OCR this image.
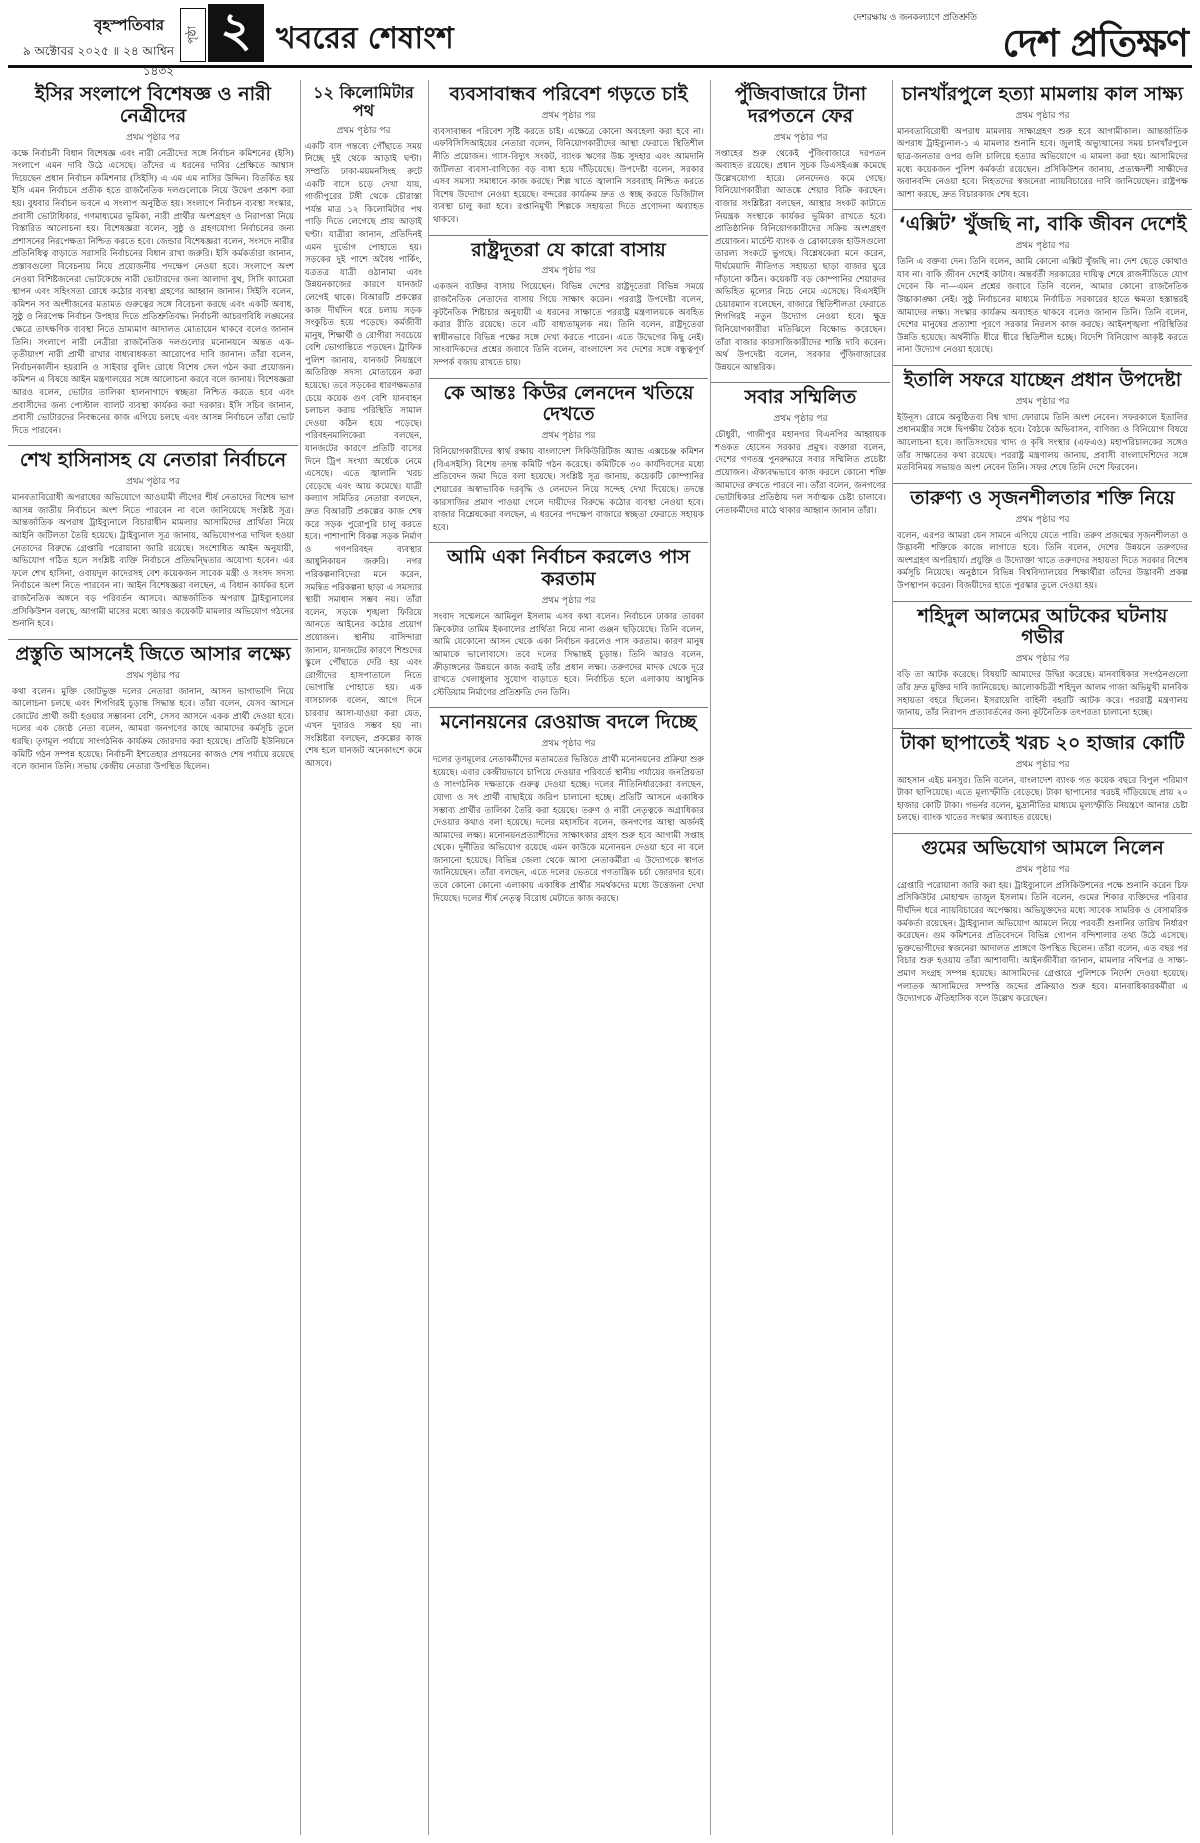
বৃহস্পতিবার
৯ অক্টোবর ২০২৫ ॥ ২৪ আশ্বিন ১৪৩২
পৃষ্ঠা ২ খবরের শেষাংশ
দেশরক্ষায় ও জনকল্যাণে প্রতিশ্রুতি
দেশ প্রতিক্ষণ
ইসির সংলাপে বিশেষজ্ঞ ও নারী নেত্রীদের
প্রথম পৃষ্ঠার পর
কক্ষে নির্বাচনী বিধান বিশেষজ্ঞ এবং নারী নেত্রীদের সঙ্গে নির্বাচন কমিশনের (ইসি) সংলাপে এমন দাবি উঠে এসেছে। তাঁদের এ ধরনের দাবির প্রেক্ষিতে আশ্বাস দিয়েছেন প্রধান নির্বাচন কমিশনার (সিইসি) এ এম এম নাসির উদ্দিন। বিতর্কিত হয় ইসি এমন নির্বাচনে প্রতীক হতে রাজনৈতিক দলগুলোকে নিয়ে উদ্বেগ প্রকাশ করা হয়। বুধবার নির্বাচন ভবনে এ সংলাপ অনুষ্ঠিত হয়। সংলাপে নির্বাচন ব্যবস্থা সংস্কার, প্রবাসী ভোটাধিকার, গণমাধ্যমের ভূমিকা, নারী প্রার্থীর অংশগ্রহণ ও নিরাপত্তা নিয়ে বিস্তারিত আলোচনা হয়। বিশেষজ্ঞরা বলেন, সুষ্ঠু ও গ্রহণযোগ্য নির্বাচনের জন্য প্রশাসনের নিরপেক্ষতা নিশ্চিত করতে হবে। জেন্ডার বিশেষজ্ঞরা বলেন, সংসদে নারীর প্রতিনিধিত্ব বাড়াতে সরাসরি নির্বাচনের বিধান রাখা জরুরি। ইসি কর্মকর্তারা জানান, প্রস্তাবগুলো বিবেচনায় নিয়ে প্রয়োজনীয় পদক্ষেপ নেওয়া হবে। সংলাপে অংশ নেওয়া বিশিষ্টজনেরা ভোটকেন্দ্রে নারী ভোটারদের জন্য আলাদা বুথ, সিসি ক্যামেরা স্থাপন এবং সহিংসতা রোধে কঠোর ব্যবস্থা গ্রহণের আহ্বান জানান। সিইসি বলেন, কমিশন সব অংশীজনের মতামত গুরুত্বের সঙ্গে বিবেচনা করছে এবং একটি অবাধ, সুষ্ঠু ও নিরপেক্ষ নির্বাচন উপহার দিতে প্রতিশ্রুতিবদ্ধ। নির্বাচনী আচরণবিধি লঙ্ঘনের ক্ষেত্রে তাৎক্ষণিক ব্যবস্থা নিতে ভ্রাম্যমাণ আদালত মোতায়েন থাকবে বলেও জানান তিনি। সংলাপে নারী নেত্রীরা রাজনৈতিক দলগুলোর মনোনয়নে অন্তত এক-তৃতীয়াংশ নারী প্রার্থী রাখার বাধ্যবাধকতা আরোপের দাবি জানান। তাঁরা বলেন, নির্বাচনকালীন হয়রানি ও সাইবার বুলিং রোধে বিশেষ সেল গঠন করা প্রয়োজন। কমিশন এ বিষয়ে আইন মন্ত্রণালয়ের সঙ্গে আলোচনা করবে বলে জানায়। বিশেষজ্ঞরা আরও বলেন, ভোটার তালিকা হালনাগাদে স্বচ্ছতা নিশ্চিত করতে হবে এবং প্রবাসীদের জন্য পোস্টাল ব্যালট ব্যবস্থা কার্যকর করা দরকার। ইসি সচিব জানান, প্রবাসী ভোটারদের নিবন্ধনের কাজ এগিয়ে চলছে এবং আসন্ন নির্বাচনে তাঁরা ভোট দিতে পারবেন।
শেখ হাসিনাসহ যে নেতারা নির্বাচনে
প্রথম পৃষ্ঠার পর
মানবতাবিরোধী অপরাধের অভিযোগে আওয়ামী লীগের শীর্ষ নেতাদের বিশেষ ভাগ আসন্ন জাতীয় নির্বাচনে অংশ নিতে পারবেন না বলে জানিয়েছে সংশ্লিষ্ট সূত্র। আন্তর্জাতিক অপরাধ ট্রাইব্যুনালে বিচারাধীন মামলার আসামিদের প্রার্থিতা নিয়ে আইনি জটিলতা তৈরি হয়েছে। ট্রাইব্যুনাল সূত্র জানায়, অভিযোগপত্র দাখিল হওয়া নেতাদের বিরুদ্ধে গ্রেপ্তারি পরোয়ানা জারি রয়েছে। সংশোধিত আইন অনুযায়ী, অভিযোগ গঠিত হলে সংশ্লিষ্ট ব্যক্তি নির্বাচনে প্রতিদ্বন্দ্বিতার অযোগ্য হবেন। এর ফলে শেখ হাসিনা, ওবায়দুল কাদেরসহ বেশ কয়েকজন সাবেক মন্ত্রী ও সংসদ সদস্য নির্বাচনে অংশ নিতে পারবেন না। আইন বিশেষজ্ঞরা বলছেন, এ বিধান কার্যকর হলে রাজনৈতিক অঙ্গনে বড় পরিবর্তন আসবে। আন্তর্জাতিক অপরাধ ট্রাইব্যুনালের প্রসিকিউশন বলছে, আগামী মাসের মধ্যে আরও কয়েকটি মামলার অভিযোগ গঠনের শুনানি হবে।
প্রস্তুতি আসনেই জিতে আসার লক্ষ্যে
প্রথম পৃষ্ঠার পর
কথা বলেন। মুক্তি জোটভুক্ত দলের নেতারা জানান, আসন ভাগাভাগি নিয়ে আলোচনা চলছে এবং শিগগিরই চূড়ান্ত সিদ্ধান্ত হবে। তাঁরা বলেন, যেসব আসনে জোটের প্রার্থী জয়ী হওয়ার সম্ভাবনা বেশি, সেসব আসনে একক প্রার্থী দেওয়া হবে। দলের এক জ্যেষ্ঠ নেতা বলেন, আমরা জনগণের কাছে আমাদের কর্মসূচি তুলে ধরছি। তৃণমূল পর্যায়ে সাংগঠনিক কার্যক্রম জোরদার করা হয়েছে। প্রতিটি ইউনিয়নে কমিটি গঠন সম্পন্ন হয়েছে। নির্বাচনী ইশতেহার প্রণয়নের কাজও শেষ পর্যায়ে রয়েছে বলে জানান তিনি। সভায় কেন্দ্রীয় নেতারা উপস্থিত ছিলেন।
১২ কিলোমিটার পথ
প্রথম পৃষ্ঠার পর
একটি বাস গন্তব্যে পৌঁছাতে সময় নিচ্ছে দুই থেকে আড়াই ঘণ্টা। সম্প্রতি ঢাকা-ময়মনসিংহ রুটে একটি বাসে চড়ে দেখা যায়, গাজীপুরের টঙ্গী থেকে চৌরাস্তা পর্যন্ত মাত্র ১২ কিলোমিটার পথ পাড়ি দিতে লেগেছে প্রায় আড়াই ঘণ্টা। যাত্রীরা জানান, প্রতিদিনই এমন দুর্ভোগ পোহাতে হয়। সড়কের দুই পাশে অবৈধ পার্কিং, যত্রতত্র যাত্রী ওঠানামা এবং উন্নয়নকাজের কারণে যানজট লেগেই থাকে। বিআরটি প্রকল্পের কাজ দীর্ঘদিন ধরে চলায় সড়ক সংকুচিত হয়ে পড়েছে। কর্মজীবী মানুষ, শিক্ষার্থী ও রোগীরা সবচেয়ে বেশি ভোগান্তিতে পড়ছেন। ট্রাফিক পুলিশ জানায়, যানজট নিয়ন্ত্রণে অতিরিক্ত সদস্য মোতায়েন করা হয়েছে। তবে সড়কের ধারণক্ষমতার চেয়ে কয়েক গুণ বেশি যানবাহন চলাচল করায় পরিস্থিতি সামাল দেওয়া কঠিন হয়ে পড়েছে। পরিবহনমালিকেরা বলছেন, যানজটের কারণে প্রতিটি বাসের দিনে ট্রিপ সংখ্যা অর্ধেকে নেমে এসেছে। এতে জ্বালানি খরচ বেড়েছে এবং আয় কমেছে। যাত্রী কল্যাণ সমিতির নেতারা বলছেন, দ্রুত বিআরটি প্রকল্পের কাজ শেষ করে সড়ক পুরোপুরি চালু করতে হবে। পাশাপাশি বিকল্প সড়ক নির্মাণ ও গণপরিবহন ব্যবস্থার আধুনিকায়ন জরুরি। নগর পরিকল্পনাবিদেরা মনে করেন, সমন্বিত পরিকল্পনা ছাড়া এ সমস্যার স্থায়ী সমাধান সম্ভব নয়। তাঁরা বলেন, সড়কে শৃঙ্খলা ফিরিয়ে আনতে আইনের কঠোর প্রয়োগ প্রয়োজন। স্থানীয় বাসিন্দারা জানান, যানজটের কারণে শিশুদের স্কুলে পৌঁছাতে দেরি হয় এবং রোগীদের হাসপাতালে নিতে ভোগান্তি পোহাতে হয়। এক বাসচালক বলেন, আগে দিনে চারবার আসা-যাওয়া করা যেত, এখন দুবারও সম্ভব হয় না। সংশ্লিষ্টরা বলছেন, প্রকল্পের কাজ শেষ হলে যানজট অনেকাংশে কমে আসবে।
ব্যবসাবান্ধব পরিবেশ গড়তে চাই
প্রথম পৃষ্ঠার পর
ব্যবসাবান্ধব পরিবেশ সৃষ্টি করতে চাই। এক্ষেত্রে কোনো অবহেলা করা হবে না। এফবিসিসিআইয়ের নেতারা বলেন, বিনিয়োগকারীদের আস্থা ফেরাতে স্থিতিশীল নীতি প্রয়োজন। গ্যাস-বিদ্যুৎ সংকট, ব্যাংক ঋণের উচ্চ সুদহার এবং আমদানি জটিলতা ব্যবসা-বাণিজ্যে বড় বাধা হয়ে দাঁড়িয়েছে। উপদেষ্টা বলেন, সরকার এসব সমস্যা সমাধানে কাজ করছে। শিল্প খাতে জ্বালানি সরবরাহ নিশ্চিত করতে বিশেষ উদ্যোগ নেওয়া হয়েছে। বন্দরের কার্যক্রম দ্রুত ও স্বচ্ছ করতে ডিজিটাল ব্যবস্থা চালু করা হবে। রপ্তানিমুখী শিল্পকে সহায়তা দিতে প্রণোদনা অব্যাহত থাকবে।
রাষ্ট্রদূতরা যে কারো বাসায়
প্রথম পৃষ্ঠার পর
একজন ব্যক্তির বাসায় গিয়েছেন। বিভিন্ন দেশের রাষ্ট্রদূতেরা বিভিন্ন সময়ে রাজনৈতিক নেতাদের বাসায় গিয়ে সাক্ষাৎ করেন। পররাষ্ট্র উপদেষ্টা বলেন, কূটনৈতিক শিষ্টাচার অনুযায়ী এ ধরনের সাক্ষাতে পররাষ্ট্র মন্ত্রণালয়কে অবহিত করার রীতি রয়েছে। তবে এটি বাধ্যতামূলক নয়। তিনি বলেন, রাষ্ট্রদূতেরা স্বাধীনভাবে বিভিন্ন পক্ষের সঙ্গে দেখা করতে পারেন। এতে উদ্বেগের কিছু নেই। সাংবাদিকদের প্রশ্নের জবাবে তিনি বলেন, বাংলাদেশ সব দেশের সঙ্গে বন্ধুত্বপূর্ণ সম্পর্ক বজায় রাখতে চায়।
কে আন্তঃ কিউর লেনদেন খতিয়ে দেখতে
প্রথম পৃষ্ঠার পর
বিনিয়োগকারীদের স্বার্থ রক্ষায় বাংলাদেশ সিকিউরিটিজ অ্যান্ড এক্সচেঞ্জ কমিশন (বিএসইসি) বিশেষ তদন্ত কমিটি গঠন করেছে। কমিটিকে ৩০ কার্যদিবসের মধ্যে প্রতিবেদন জমা দিতে বলা হয়েছে। সংশ্লিষ্ট সূত্র জানায়, কয়েকটি কোম্পানির শেয়ারের অস্বাভাবিক দরবৃদ্ধি ও লেনদেন নিয়ে সন্দেহ দেখা দিয়েছে। তদন্তে কারসাজির প্রমাণ পাওয়া গেলে দায়ীদের বিরুদ্ধে কঠোর ব্যবস্থা নেওয়া হবে। বাজার বিশ্লেষকেরা বলছেন, এ ধরনের পদক্ষেপ বাজারে স্বচ্ছতা ফেরাতে সহায়ক হবে।
আমি একা নির্বাচন করলেও পাস করতাম
প্রথম পৃষ্ঠার পর
সংবাদ সম্মেলনে আমিনুল ইসলাম এসব কথা বলেন। নির্বাচনে ঢাকার তারকা ক্রিকেটার তামিম ইকবালের প্রার্থিতা নিয়ে নানা গুঞ্জন ছড়িয়েছে। তিনি বলেন, আমি যেকোনো আসন থেকে একা নির্বাচন করলেও পাস করতাম। কারণ মানুষ আমাকে ভালোবাসে। তবে দলের সিদ্ধান্তই চূড়ান্ত। তিনি আরও বলেন, ক্রীড়াঙ্গনের উন্নয়নে কাজ করাই তাঁর প্রধান লক্ষ্য। তরুণদের মাদক থেকে দূরে রাখতে খেলাধুলার সুযোগ বাড়াতে হবে। নির্বাচিত হলে এলাকায় আধুনিক স্টেডিয়াম নির্মাণের প্রতিশ্রুতি দেন তিনি।
মনোনয়নের রেওয়াজ বদলে দিচ্ছে
প্রথম পৃষ্ঠার পর
দলের তৃণমূলের নেতাকর্মীদের মতামতের ভিত্তিতে প্রার্থী মনোনয়নের প্রক্রিয়া শুরু হয়েছে। এবার কেন্দ্রীয়ভাবে চাপিয়ে দেওয়ার পরিবর্তে স্থানীয় পর্যায়ের জনপ্রিয়তা ও সাংগঠনিক দক্ষতাকে গুরুত্ব দেওয়া হচ্ছে। দলের নীতিনির্ধারকেরা বলছেন, যোগ্য ও সৎ প্রার্থী বাছাইয়ে জরিপ চালানো হচ্ছে। প্রতিটি আসনে একাধিক সম্ভাব্য প্রার্থীর তালিকা তৈরি করা হয়েছে। তরুণ ও নারী নেতৃত্বকে অগ্রাধিকার দেওয়ার কথাও বলা হয়েছে। দলের মহাসচিব বলেন, জনগণের আস্থা অর্জনই আমাদের লক্ষ্য। মনোনয়নপ্রত্যাশীদের সাক্ষাৎকার গ্রহণ শুরু হবে আগামী সপ্তাহ থেকে। দুর্নীতির অভিযোগ রয়েছে এমন কাউকে মনোনয়ন দেওয়া হবে না বলে জানানো হয়েছে। বিভিন্ন জেলা থেকে আসা নেতাকর্মীরা এ উদ্যোগকে স্বাগত জানিয়েছেন। তাঁরা বলছেন, এতে দলের ভেতরে গণতান্ত্রিক চর্চা জোরদার হবে। তবে কোনো কোনো এলাকায় একাধিক প্রার্থীর সমর্থকদের মধ্যে উত্তেজনা দেখা দিয়েছে। দলের শীর্ষ নেতৃত্ব বিরোধ মেটাতে কাজ করছে।
পুঁজিবাজারে টানা দরপতনে ফের
প্রথম পৃষ্ঠার পর
সপ্তাহের শুরু থেকেই পুঁজিবাজারে দরপতন অব্যাহত রয়েছে। প্রধান সূচক ডিএসইএক্স কমেছে উল্লেখযোগ্য হারে। লেনদেনও কমে গেছে। বিনিয়োগকারীরা আতঙ্কে শেয়ার বিক্রি করছেন। বাজার সংশ্লিষ্টরা বলছেন, আস্থার সংকট কাটাতে নিয়ন্ত্রক সংস্থাকে কার্যকর ভূমিকা রাখতে হবে। প্রাতিষ্ঠানিক বিনিয়োগকারীদের সক্রিয় অংশগ্রহণ প্রয়োজন। মার্চেন্ট ব্যাংক ও ব্রোকারেজ হাউসগুলো তারল্য সংকটে ভুগছে। বিশ্লেষকেরা মনে করেন, দীর্ঘমেয়াদি নীতিগত সহায়তা ছাড়া বাজার ঘুরে দাঁড়ানো কঠিন। কয়েকটি বড় কোম্পানির শেয়ারদর অভিহিত মূল্যের নিচে নেমে এসেছে। বিএসইসি চেয়ারম্যান বলেছেন, বাজারে স্থিতিশীলতা ফেরাতে শিগগিরই নতুন উদ্যোগ নেওয়া হবে। ক্ষুদ্র বিনিয়োগকারীরা মতিঝিলে বিক্ষোভ করেছেন। তাঁরা বাজার কারসাজিকারীদের শাস্তি দাবি করেন। অর্থ উপদেষ্টা বলেন, সরকার পুঁজিবাজারের উন্নয়নে আন্তরিক।
সবার সম্মিলিত
প্রথম পৃষ্ঠার পর
চৌধুরী, গাজীপুর মহানগর বিএনপির আহ্বায়ক শওকত হোসেন সরকার প্রমুখ। বক্তারা বলেন, দেশের গণতন্ত্র পুনরুদ্ধারে সবার সম্মিলিত প্রচেষ্টা প্রয়োজন। ঐক্যবদ্ধভাবে কাজ করলে কোনো শক্তি আমাদের রুখতে পারবে না। তাঁরা বলেন, জনগণের ভোটাধিকার প্রতিষ্ঠায় দল সর্বাত্মক চেষ্টা চালাবে। নেতাকর্মীদের মাঠে থাকার আহ্বান জানান তাঁরা।
চানখাঁরপুলে হত্যা মামলায় কাল সাক্ষ্য
প্রথম পৃষ্ঠার পর
মানবতাবিরোধী অপরাধ মামলায় সাক্ষ্যগ্রহণ শুরু হবে আগামীকাল। আন্তর্জাতিক অপরাধ ট্রাইব্যুনাল-১ এ মামলার শুনানি হবে। জুলাই অভ্যুত্থানের সময় চানখাঁরপুলে ছাত্র-জনতার ওপর গুলি চালিয়ে হত্যার অভিযোগে এ মামলা করা হয়। আসামিদের মধ্যে কয়েকজন পুলিশ কর্মকর্তা রয়েছেন। প্রসিকিউশন জানায়, প্রত্যক্ষদর্শী সাক্ষীদের জবানবন্দি নেওয়া হবে। নিহতদের স্বজনেরা ন্যায়বিচারের দাবি জানিয়েছেন। রাষ্ট্রপক্ষ আশা করছে, দ্রুত বিচারকাজ শেষ হবে।
‘এক্সিট’ খুঁজছি না, বাকি জীবন দেশেই
প্রথম পৃষ্ঠার পর
তিনি এ বক্তব্য দেন। তিনি বলেন, আমি কোনো এক্সিট খুঁজছি না। দেশ ছেড়ে কোথাও যাব না। বাকি জীবন দেশেই কাটাব। অন্তর্বর্তী সরকারের দায়িত্ব শেষে রাজনীতিতে যোগ দেবেন কি না—এমন প্রশ্নের জবাবে তিনি বলেন, আমার কোনো রাজনৈতিক উচ্চাকাঙ্ক্ষা নেই। সুষ্ঠু নির্বাচনের মাধ্যমে নির্বাচিত সরকারের হাতে ক্ষমতা হস্তান্তরই আমাদের লক্ষ্য। সংস্কার কার্যক্রম অব্যাহত থাকবে বলেও জানান তিনি। তিনি বলেন, দেশের মানুষের প্রত্যাশা পূরণে সরকার নিরলস কাজ করছে। আইনশৃঙ্খলা পরিস্থিতির উন্নতি হয়েছে। অর্থনীতি ধীরে ধীরে স্থিতিশীল হচ্ছে। বিদেশি বিনিয়োগ আকৃষ্ট করতে নানা উদ্যোগ নেওয়া হয়েছে।
ইতালি সফরে যাচ্ছেন প্রধান উপদেষ্টা
প্রথম পৃষ্ঠার পর
ইউনূস। রোমে অনুষ্ঠিতব্য বিশ্ব খাদ্য ফোরামে তিনি অংশ নেবেন। সফরকালে ইতালির প্রধানমন্ত্রীর সঙ্গে দ্বিপক্ষীয় বৈঠক হবে। বৈঠকে অভিবাসন, বাণিজ্য ও বিনিয়োগ বিষয়ে আলোচনা হবে। জাতিসংঘের খাদ্য ও কৃষি সংস্থার (এফএও) মহাপরিচালকের সঙ্গেও তাঁর সাক্ষাতের কথা রয়েছে। পররাষ্ট্র মন্ত্রণালয় জানায়, প্রবাসী বাংলাদেশিদের সঙ্গে মতবিনিময় সভায়ও অংশ নেবেন তিনি। সফর শেষে তিনি দেশে ফিরবেন।
তারুণ্য ও সৃজনশীলতার শক্তি নিয়ে
প্রথম পৃষ্ঠার পর
বলেন, এরপর আমরা যেন সামনে এগিয়ে যেতে পারি। তরুণ প্রজন্মের সৃজনশীলতা ও উদ্ভাবনী শক্তিকে কাজে লাগাতে হবে। তিনি বলেন, দেশের উন্নয়নে তরুণদের অংশগ্রহণ অপরিহার্য। প্রযুক্তি ও উদ্যোক্তা খাতে তরুণদের সহায়তা দিতে সরকার বিশেষ কর্মসূচি নিয়েছে। অনুষ্ঠানে বিভিন্ন বিশ্ববিদ্যালয়ের শিক্ষার্থীরা তাঁদের উদ্ভাবনী প্রকল্প উপস্থাপন করেন। বিজয়ীদের হাতে পুরস্কার তুলে দেওয়া হয়।
শহিদুল আলমের আটকের ঘটনায় গভীর
প্রথম পৃষ্ঠার পর
বড়ি তা আটক করেছে। বিষয়টি আমাদের উদ্বিগ্ন করেছে। মানবাধিকার সংগঠনগুলো তাঁর দ্রুত মুক্তির দাবি জানিয়েছে। আলোকচিত্রী শহিদুল আলম গাজা অভিমুখী মানবিক সহায়তা বহরে ছিলেন। ইসরায়েলি বাহিনী বহরটি আটক করে। পররাষ্ট্র মন্ত্রণালয় জানায়, তাঁর নিরাপদ প্রত্যাবর্তনের জন্য কূটনৈতিক তৎপরতা চালানো হচ্ছে।
টাকা ছাপাতেই খরচ ২০ হাজার কোটি
প্রথম পৃষ্ঠার পর
আহসান এইচ মনসুর। তিনি বলেন, বাংলাদেশ ব্যাংক গত কয়েক বছরে বিপুল পরিমাণ টাকা ছাপিয়েছে। এতে মূল্যস্ফীতি বেড়েছে। টাকা ছাপানোর খরচই দাঁড়িয়েছে প্রায় ২০ হাজার কোটি টাকা। গভর্নর বলেন, মুদ্রানীতির মাধ্যমে মূল্যস্ফীতি নিয়ন্ত্রণে আনার চেষ্টা চলছে। ব্যাংক খাতের সংস্কার অব্যাহত রয়েছে।
গুমের অভিযোগ আমলে নিলেন
প্রথম পৃষ্ঠার পর
গ্রেপ্তারি পরোয়ানা জারি করা হয়। ট্রাইব্যুনালে প্রসিকিউশনের পক্ষে শুনানি করেন চিফ প্রসিকিউটর মোহাম্মদ তাজুল ইসলাম। তিনি বলেন, গুমের শিকার ব্যক্তিদের পরিবার দীর্ঘদিন ধরে ন্যায়বিচারের অপেক্ষায়। অভিযুক্তদের মধ্যে সাবেক সামরিক ও বেসামরিক কর্মকর্তা রয়েছেন। ট্রাইব্যুনাল অভিযোগ আমলে নিয়ে পরবর্তী শুনানির তারিখ নির্ধারণ করেছেন। গুম কমিশনের প্রতিবেদনে বিভিন্ন গোপন বন্দিশালার তথ্য উঠে এসেছে। ভুক্তভোগীদের স্বজনেরা আদালত প্রাঙ্গণে উপস্থিত ছিলেন। তাঁরা বলেন, এত বছর পর বিচার শুরু হওয়ায় তাঁরা আশাবাদী। আইনজীবীরা জানান, মামলার নথিপত্র ও সাক্ষ্য-প্রমাণ সংগ্রহ সম্পন্ন হয়েছে। আসামিদের গ্রেপ্তারে পুলিশকে নির্দেশ দেওয়া হয়েছে। পলাতক আসামিদের সম্পত্তি জব্দের প্রক্রিয়াও শুরু হবে। মানবাধিকারকর্মীরা এ উদ্যোগকে ঐতিহাসিক বলে উল্লেখ করেছেন।
